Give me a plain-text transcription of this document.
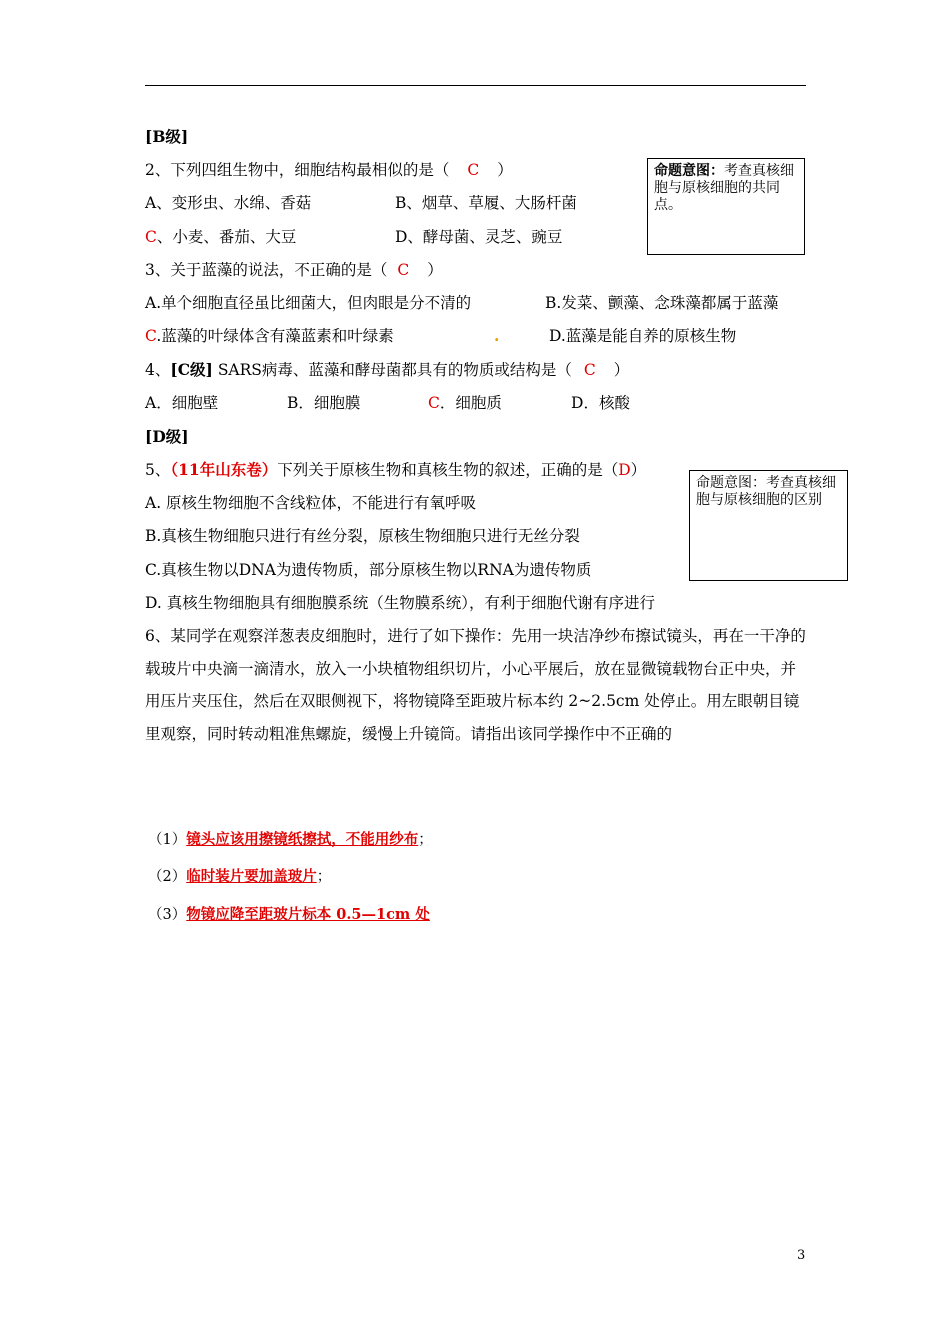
[B级]
2、下列四组生物中，细胞结构最相似的是（ C ）
A、变形虫、水绵、香菇	B、烟草、草履、大肠杆菌
C、小麦、番茄、大豆	D、酵母菌、灵芝、豌豆
命题意图：考查真核细胞与原核细胞的共同点。
3、关于蓝藻的说法，不正确的是（ C ）
A.单个细胞直径虽比细菌大，但肉眼是分不清的	B.发菜、颤藻、念珠藻都属于蓝藻
C.蓝藻的叶绿体含有藻蓝素和叶绿素	.	D.蓝藻是能自养的原核生物
4、[C级] SARS病毒、蓝藻和酵母菌都具有的物质或结构是（ C ）
A．细胞壁	B．细胞膜	C．细胞质	D．核酸
[D级]
5、（11年山东卷）下列关于原核生物和真核生物的叙述，正确的是（D）
A. 原核生物细胞不含线粒体，不能进行有氧呼吸
B.真核生物细胞只进行有丝分裂，原核生物细胞只进行无丝分裂
C.真核生物以DNA为遗传物质，部分原核生物以RNA为遗传物质
D. 真核生物细胞具有细胞膜系统（生物膜系统），有利于细胞代谢有序进行
命题意图：考查真核细胞与原核细胞的区别
6、某同学在观察洋葱表皮细胞时，进行了如下操作：先用一块洁净纱布擦试镜头，再在一干净的载玻片中央滴一滴清水，放入一小块植物组织切片，小心平展后，放在显微镜载物台正中央，并用压片夹压住，然后在双眼侧视下，将物镜降至距玻片标本约 2~2.5cm 处停止。用左眼朝目镜里观察，同时转动粗准焦螺旋，缓慢上升镜筒。请指出该同学操作中不正确的
（1）镜头应该用擦镜纸擦拭，不能用纱布；
（2）临时装片要加盖玻片；
（3）物镜应降至距玻片标本 0.5—1cm 处
3
